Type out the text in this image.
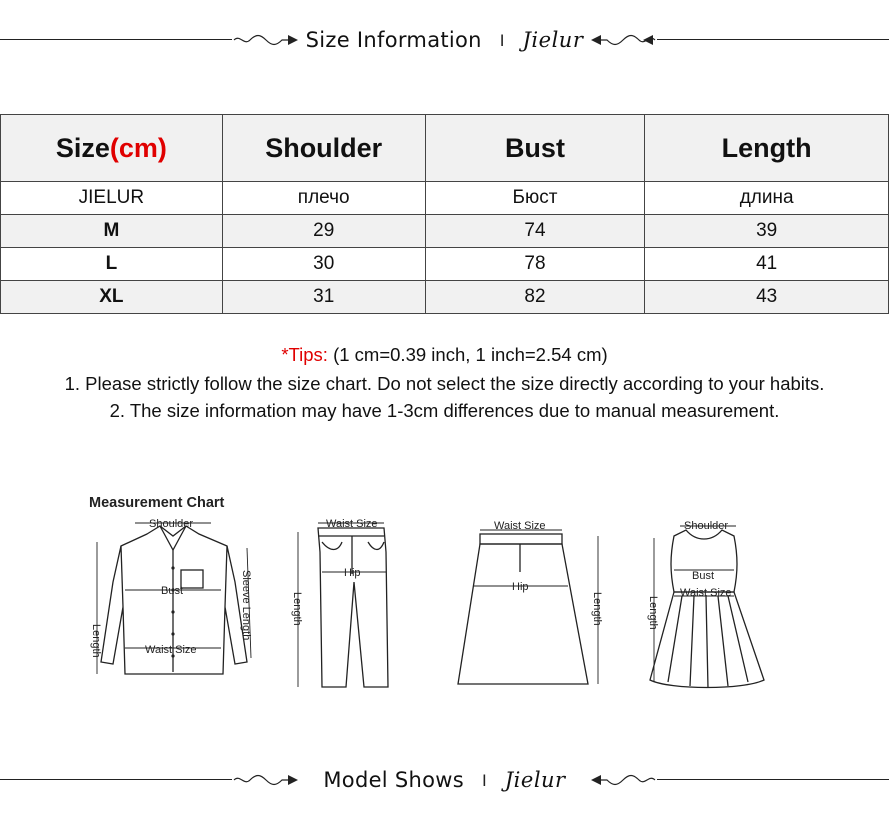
Size Information I Jielur
Size(cm)	Shoulder	Bust	Length
JIELUR	плечо	Бюст	длина
M	29	74	39
L	30	78	41
XL	31	82	43
*Tips: (1 cm=0.39 inch, 1 inch=2.54 cm)
1. Please strictly follow the size chart. Do not select the size directly according to your habits.
2. The size information may have 1-3cm differences due to manual measurement.
Measurement Chart
Shoulder
Bust
Waist Size
Length
Sleeve Length
Waist Size
Hip
Length
Waist Size
Hip
Length
Shoulder
Bust
Waist Size
Length
Model Shows I Jielur
